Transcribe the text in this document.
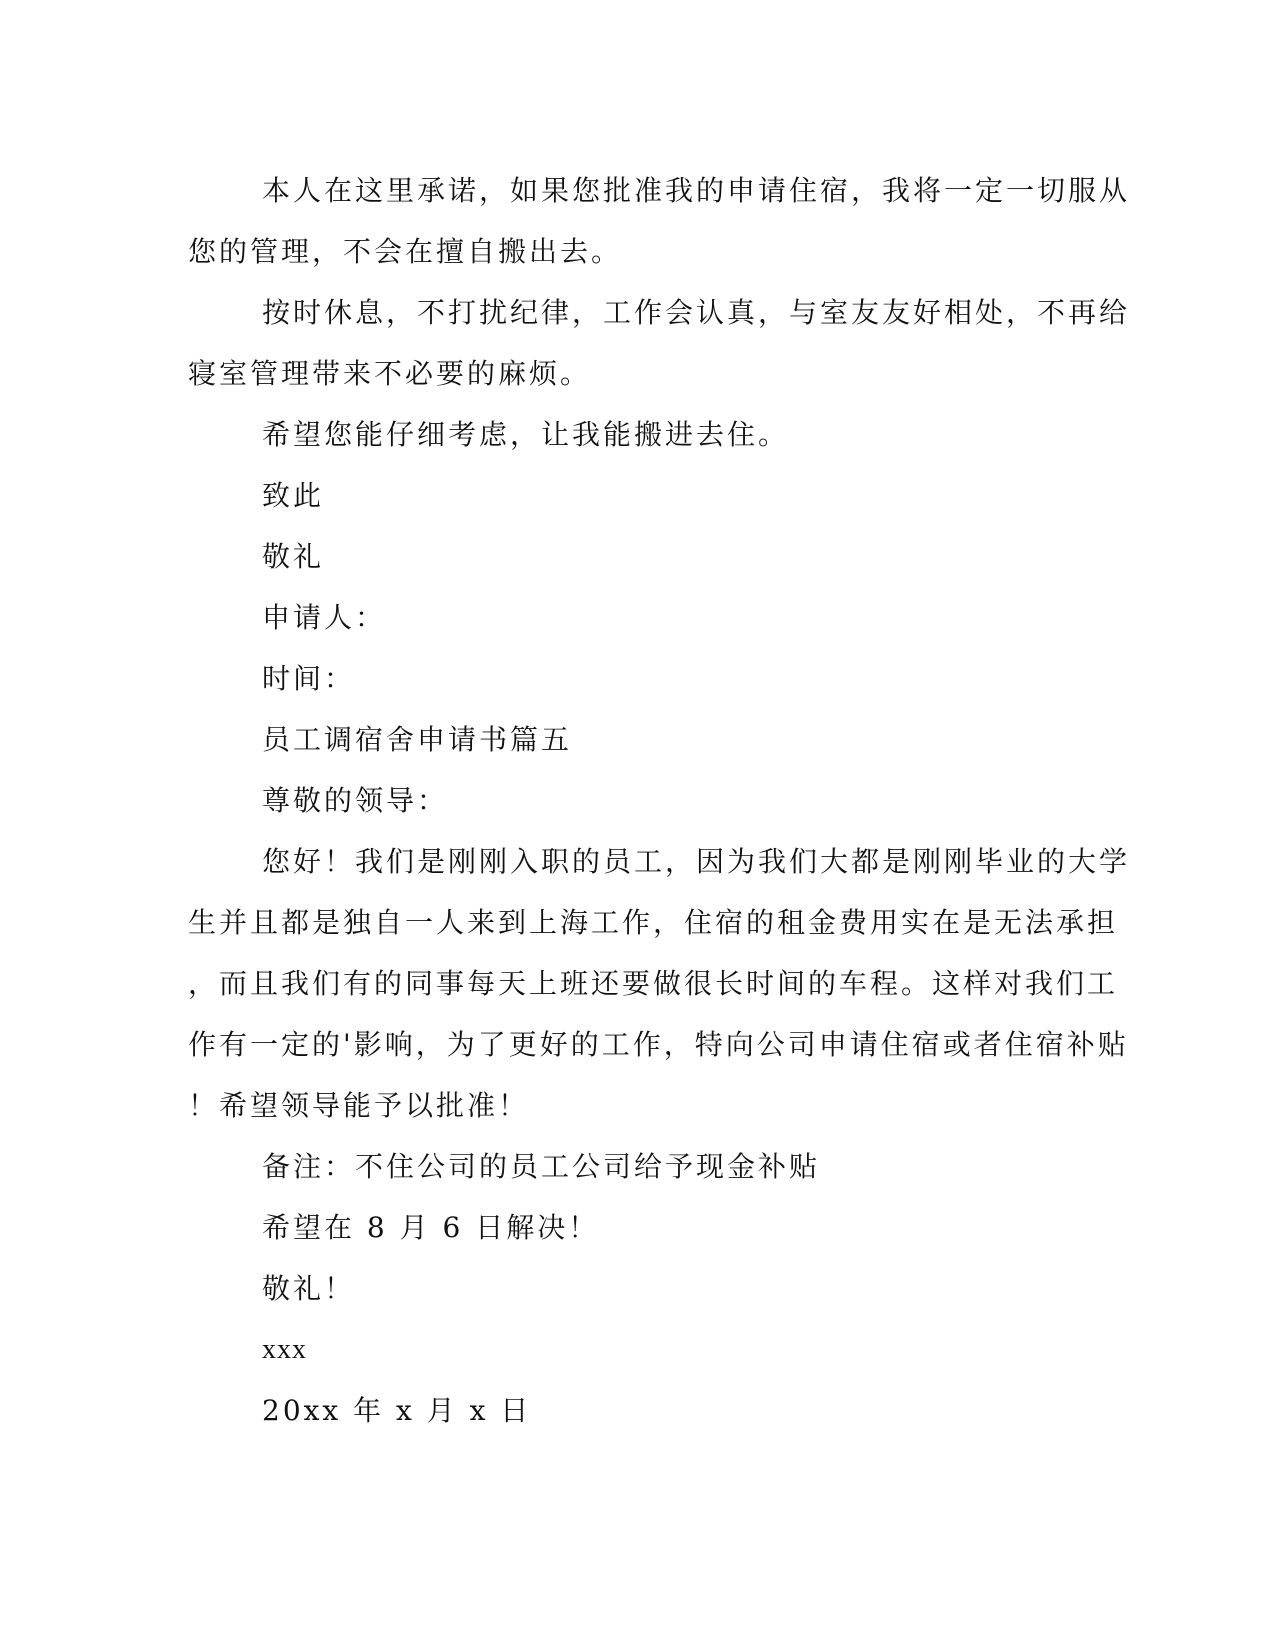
本人在这里承诺，如果您批准我的申请住宿，我将一定一切服从
您的管理，不会在擅自搬出去。

按时休息，不打扰纪律，工作会认真，与室友友好相处，不再给
寝室管理带来不必要的麻烦。

希望您能仔细考虑，让我能搬进去住。

致此

敬礼

申请人：

时间：

员工调宿舍申请书篇五

尊敬的领导：

您好！我们是刚刚入职的员工，因为我们大都是刚刚毕业的大学
生并且都是独自一人来到上海工作，住宿的租金费用实在是无法承担
，而且我们有的同事每天上班还要做很长时间的车程。这样对我们工
作有一定的'影响，为了更好的工作，特向公司申请住宿或者住宿补贴
！希望领导能予以批准！

备注：不住公司的员工公司给予现金补贴

希望在 8 月 6 日解决！

敬礼！

xxx

20xx 年 x 月 x 日
